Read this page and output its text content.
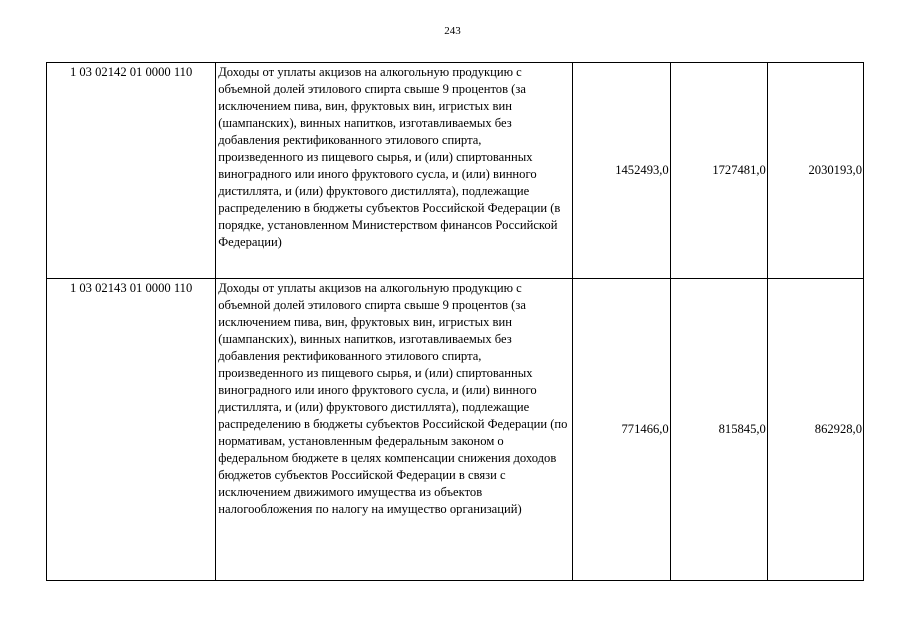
243
1 03 02142 01 0000 110	Доходы от уплаты акцизов на алкогольную продукцию с объемной долей этилового спирта свыше 9 процентов (за исключением пива, вин, фруктовых вин, игристых вин (шампанских), винных напитков, изготавливаемых без добавления ректификованного этилового спирта, произведенного из пищевого сырья, и (или) спиртованных виноградного или иного фруктового сусла, и (или) винного дистиллята, и (или) фруктового дистиллята), подлежащие распределению в бюджеты субъектов Российской Федерации (в порядке, установленном Министерством финансов Российской Федерации)	1452493,0	1727481,0	2030193,0
1 03 02143 01 0000 110	Доходы от уплаты акцизов на алкогольную продукцию с объемной долей этилового спирта свыше 9 процентов (за исключением пива, вин, фруктовых вин, игристых вин (шампанских), винных напитков, изготавливаемых без добавления ректификованного этилового спирта, произведенного из пищевого сырья, и (или) спиртованных виноградного или иного фруктового сусла, и (или) винного дистиллята, и (или) фруктового дистиллята), подлежащие распределению в бюджеты субъектов Российской Федерации (по нормативам, установленным федеральным законом о федеральном бюджете в целях компенсации снижения доходов бюджетов субъектов Российской Федерации в связи с исключением движимого имущества из объектов налогообложения по налогу на имущество организаций)	771466,0	815845,0	862928,0
